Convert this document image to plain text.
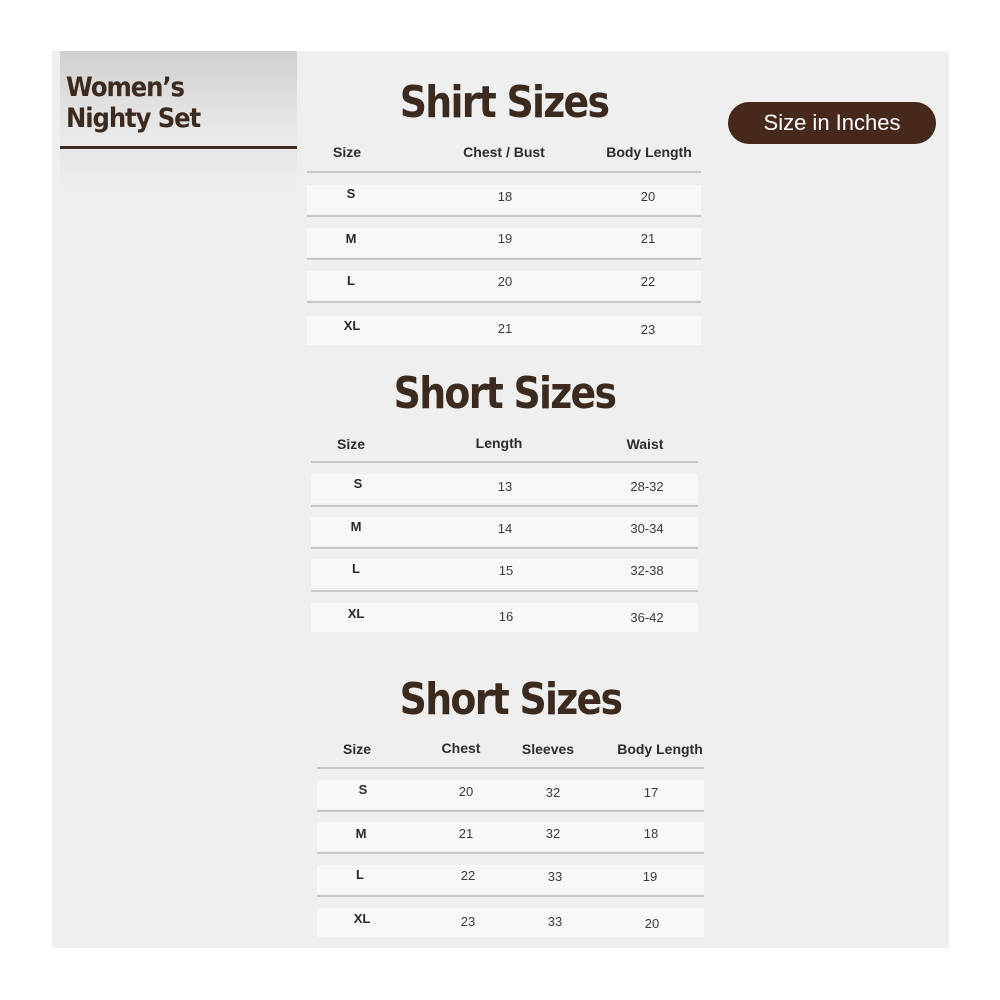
Women’s
Nighty Set	Size in Inches
Shirt Sizes
Size	Chest / Bust	Body Length
S	18	20
M	19	21
L	20	22
XL	21	23
Short Sizes
Size	Length	Waist
S	13	28-32
M	14	30-34
L	15	32-38
XL	16	36-42
Short Sizes
Size	Chest	Sleeves	Body Length
S	20	32	17
M	21	32	18
L	22	33	19
XL	23	33	20
